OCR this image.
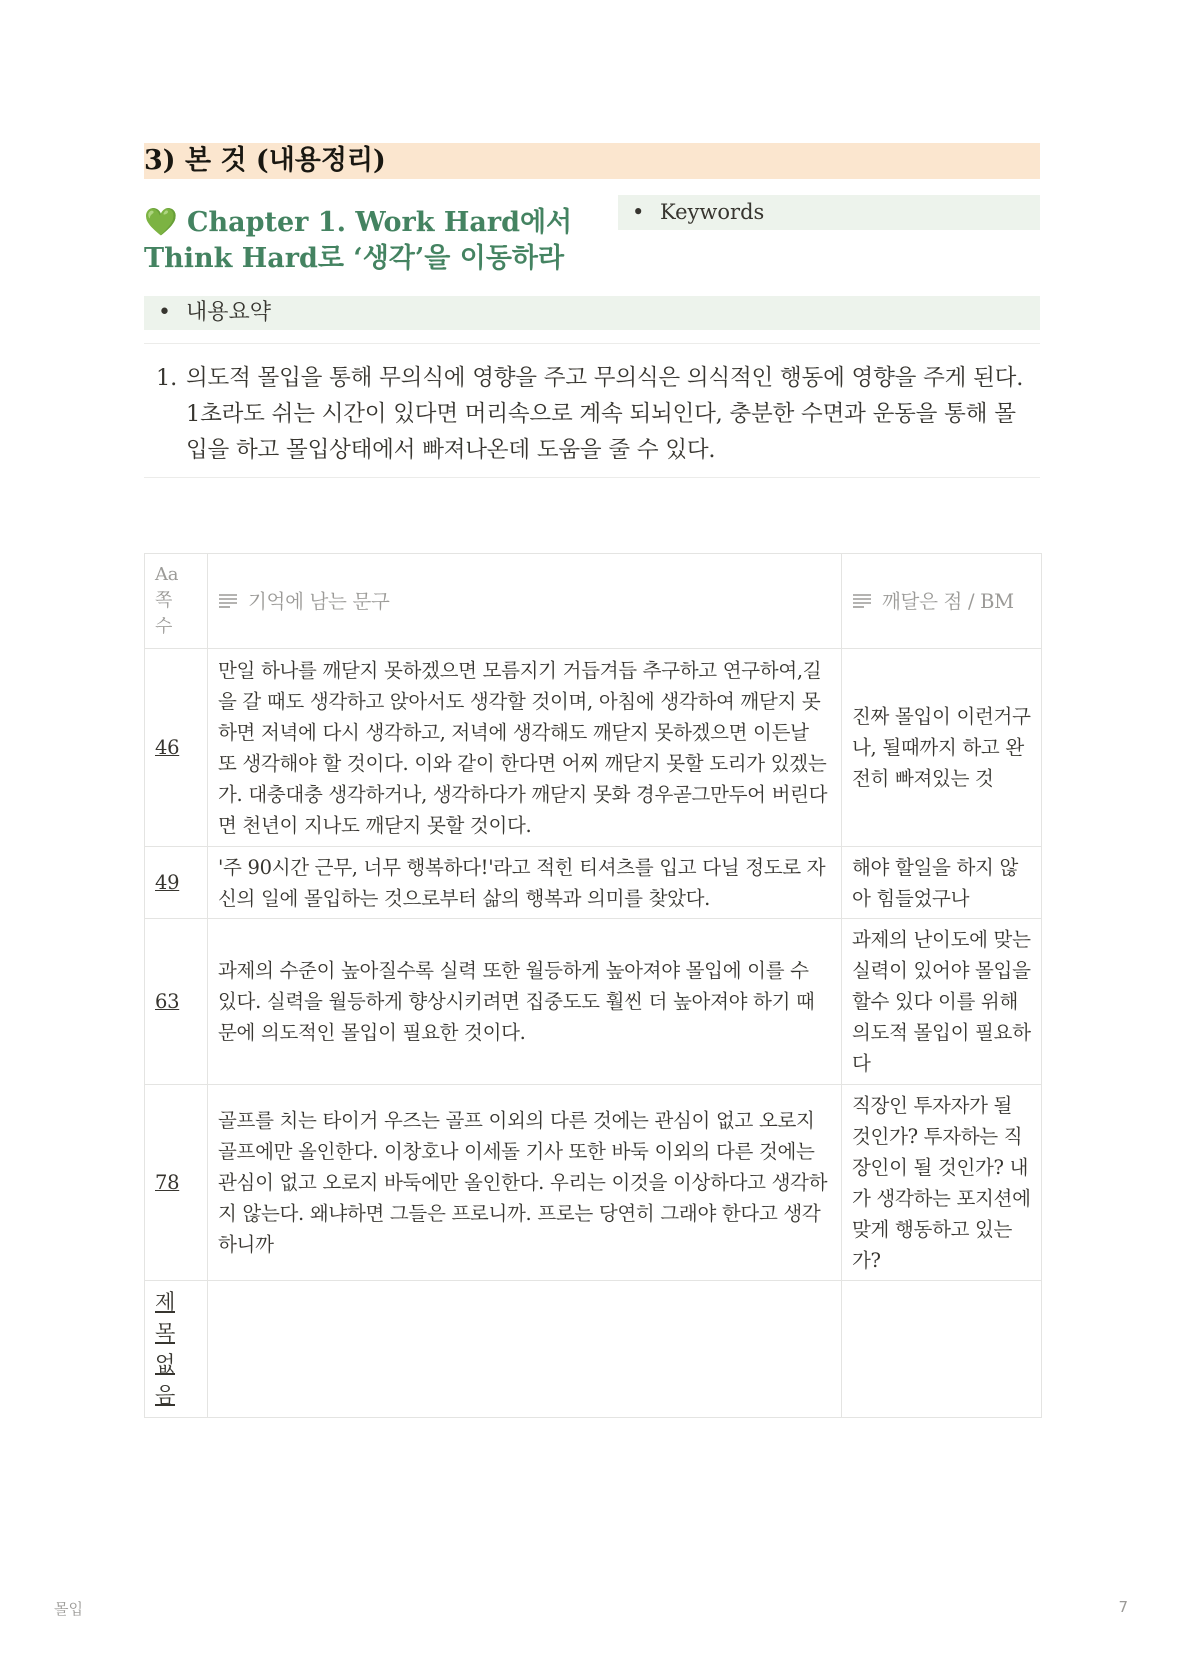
3) 본 것 (내용정리)
💚 Chapter 1. Work Hard에서
Think Hard로 ‘생각’을 이동하라
• Keywords
• 내용요약
1. 의도적 몰입을 통해 무의식에 영향을 주고 무의식은 의식적인 행동에 영향을 주게 된다. 1초라도 쉬는 시간이 있다면 머리속으로 계속 되뇌인다, 충분한 수면과 운동을 통해 몰입을 하고 몰입상태에서 빠져나온데 도움을 줄 수 있다.
Aa
쪽수	기억에 남는 문구	깨달은 점 / BM
46	만일 하나를 깨닫지 못하겠으면 모름지기 거듭겨듭 추구하고 연구하여,길을 갈 때도 생각하고 앉아서도 생각할 것이며, 아침에 생각하여 깨닫지 못하면 저녁에 다시 생각하고, 저녁에 생각해도 깨닫지 못하겠으면 이든날 또 생각해야 할 것이다. 이와 같이 한다면 어찌 깨닫지 못할 도리가 있겠는가. 대충대충 생각하거나, 생각하다가 깨닫지 못화 경우곧그만두어 버린다면 천년이 지나도 깨닫지 못할 것이다.	진짜 몰입이 이런거구나, 될때까지 하고 완전히 빠져있는 것
49	'주 90시간 근무, 너무 행복하다!'라고 적힌 티셔츠를 입고 다닐 정도로 자신의 일에 몰입하는 것으로부터 삶의 행복과 의미를 찾았다.	해야 할일을 하지 않아 힘들었구나
63	과제의 수준이 높아질수록 실력 또한 월등하게 높아져야 몰입에 이를 수 있다. 실력을 월등하게 향상시키려면 집중도도 훨씬 더 높아져야 하기 때 문에 의도적인 몰입이 필요한 것이다.	과제의 난이도에 맞는 실력이 있어야 몰입을 할수 있다 이를 위해 의도적 몰입이 필요하다
78	골프를 치는 타이거 우즈는 골프 이외의 다른 것에는 관심이 없고 오로지 골프에만 올인한다. 이창호나 이세돌 기사 또한 바둑 이외의 다른 것에는 관심이 없고 오로지 바둑에만 올인한다. 우리는 이것을 이상하다고 생각하지 않는다. 왜냐하면 그들은 프로니까. 프로는 당연히 그래야 한다고 생각하니까	직장인 투자자가 될 것인가? 투자하는 직장인이 될 것인가? 내가 생각하는 포지션에 맞게 행동하고 있는가?

제목 없음		

몰입	7
